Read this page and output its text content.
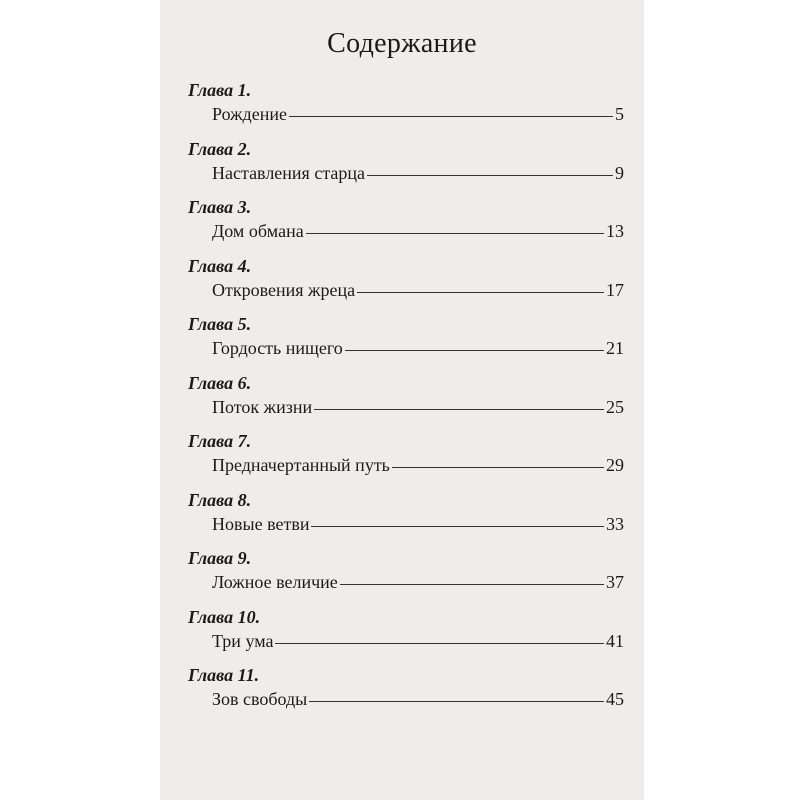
Содержание
Глава 1.
Рождение	5
Глава 2.
Наставления старца	9
Глава 3.
Дом обмана	13
Глава 4.
Откровения жреца	17
Глава 5.
Гордость нищего	21
Глава 6.
Поток жизни	25
Глава 7.
Предначертанный путь	29
Глава 8.
Новые ветви	33
Глава 9.
Ложное величие	37
Глава 10.
Три ума	41
Глава 11.
Зов свободы	45
